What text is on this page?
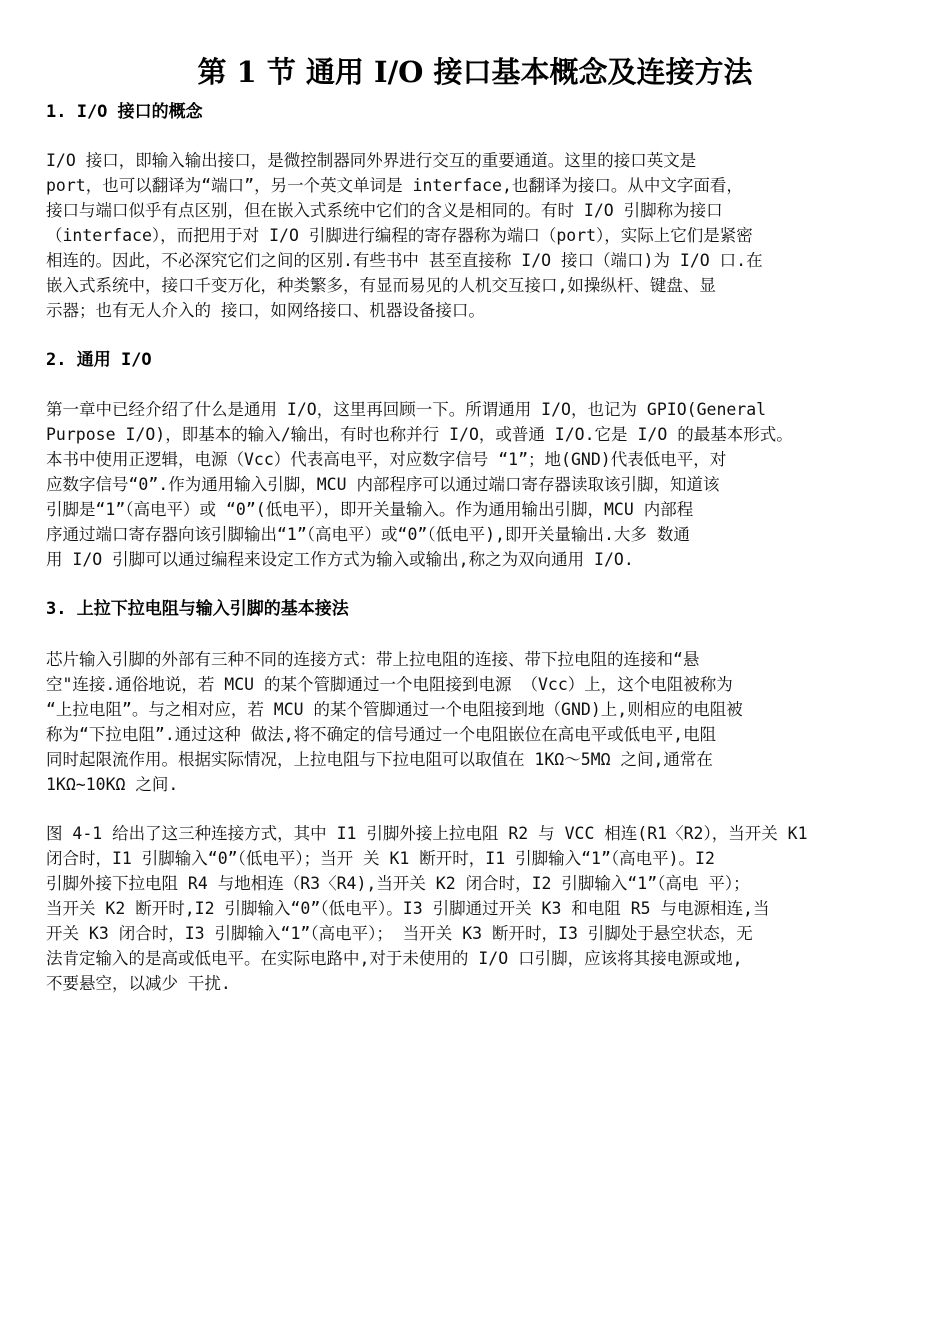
第 1 节 通用 I/O 接口基本概念及连接方法
1. I/O 接口的概念

I/O 接口，即输入输出接口，是微控制器同外界进行交互的重要通道。这里的接口英文是
port，也可以翻译为“端口”，另一个英文单词是 interface,也翻译为接口。从中文字面看，
接口与端口似乎有点区别，但在嵌入式系统中它们的含义是相同的。有时 I/O 引脚称为接口
（interface），而把用于对 I/O 引脚进行编程的寄存器称为端口（port），实际上它们是紧密
相连的。因此，不必深究它们之间的区别.有些书中 甚至直接称 I/O 接口（端口)为 I/O 口.在
嵌入式系统中，接口千变万化，种类繁多，有显而易见的人机交互接口,如操纵杆、键盘、显
示器；也有无人介入的 接口，如网络接口、机器设备接口。

2. 通用 I/O

第一章中已经介绍了什么是通用 I/O，这里再回顾一下。所谓通用 I/O，也记为 GPIO(General
Purpose I/O)，即基本的输入/输出，有时也称并行 I/O，或普通 I/O.它是 I/O 的最基本形式。
本书中使用正逻辑，电源（Vcc）代表高电平，对应数字信号 “1”；地(GND)代表低电平，对
应数字信号“0”.作为通用输入引脚，MCU 内部程序可以通过端口寄存器读取该引脚，知道该
引脚是“1”（高电平）或 “0”(低电平），即开关量输入。作为通用输出引脚，MCU 内部程
序通过端口寄存器向该引脚输出“1”（高电平）或“0”（低电平),即开关量输出.大多 数通
用 I/O 引脚可以通过编程来设定工作方式为输入或输出,称之为双向通用 I/O.

3. 上拉下拉电阻与输入引脚的基本接法

芯片输入引脚的外部有三种不同的连接方式：带上拉电阻的连接、带下拉电阻的连接和“悬
空"连接.通俗地说，若 MCU 的某个管脚通过一个电阻接到电源 （Vcc）上，这个电阻被称为
“上拉电阻”。与之相对应，若 MCU 的某个管脚通过一个电阻接到地（GND)上,则相应的电阻被
称为“下拉电阻”.通过这种 做法,将不确定的信号通过一个电阻嵌位在高电平或低电平,电阻
同时起限流作用。根据实际情况，上拉电阻与下拉电阻可以取值在 1KΩ～5MΩ 之间,通常在
1KΩ~10KΩ 之间.

图 4-1 给出了这三种连接方式，其中 I1 引脚外接上拉电阻 R2 与 VCC 相连(R1〈R2），当开关 K1
闭合时，I1 引脚输入“0”（低电平）；当开 关 K1 断开时，I1 引脚输入“1”（高电平)。I2
引脚外接下拉电阻 R4 与地相连（R3〈R4),当开关 K2 闭合时，I2 引脚输入“1”（高电 平）；
当开关 K2 断开时,I2 引脚输入“0”（低电平）。I3 引脚通过开关 K3 和电阻 R5 与电源相连,当
开关 K3 闭合时，I3 引脚输入“1”（高电平）； 当开关 K3 断开时，I3 引脚处于悬空状态，无
法肯定输入的是高或低电平。在实际电路中,对于未使用的 I/O 口引脚，应该将其接电源或地,
不要悬空，以减少 干扰.
